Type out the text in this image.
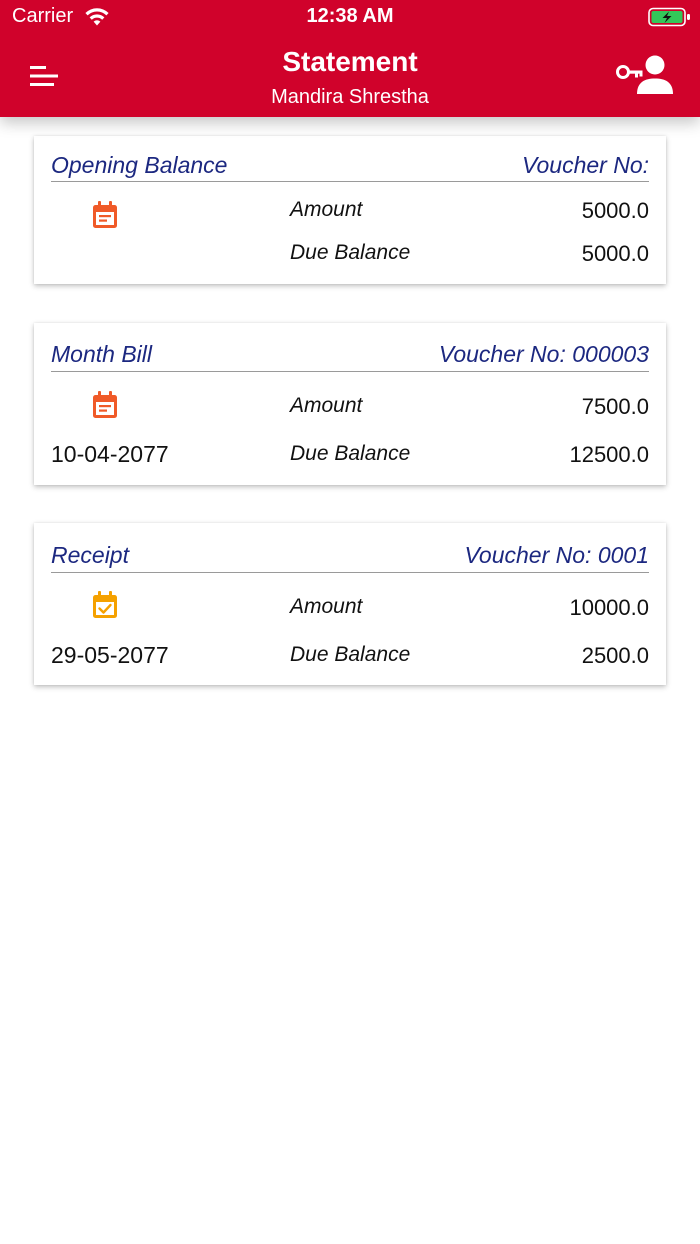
Carrier	12:38 AM
Statement
Mandira Shrestha
Opening Balance	Voucher No:
Amount	5000.0
Due Balance	5000.0
Month Bill	Voucher No: 000003
Amount	7500.0
10-04-2077	Due Balance	12500.0
Receipt	Voucher No: 0001
Amount	10000.0
29-05-2077	Due Balance	2500.0
